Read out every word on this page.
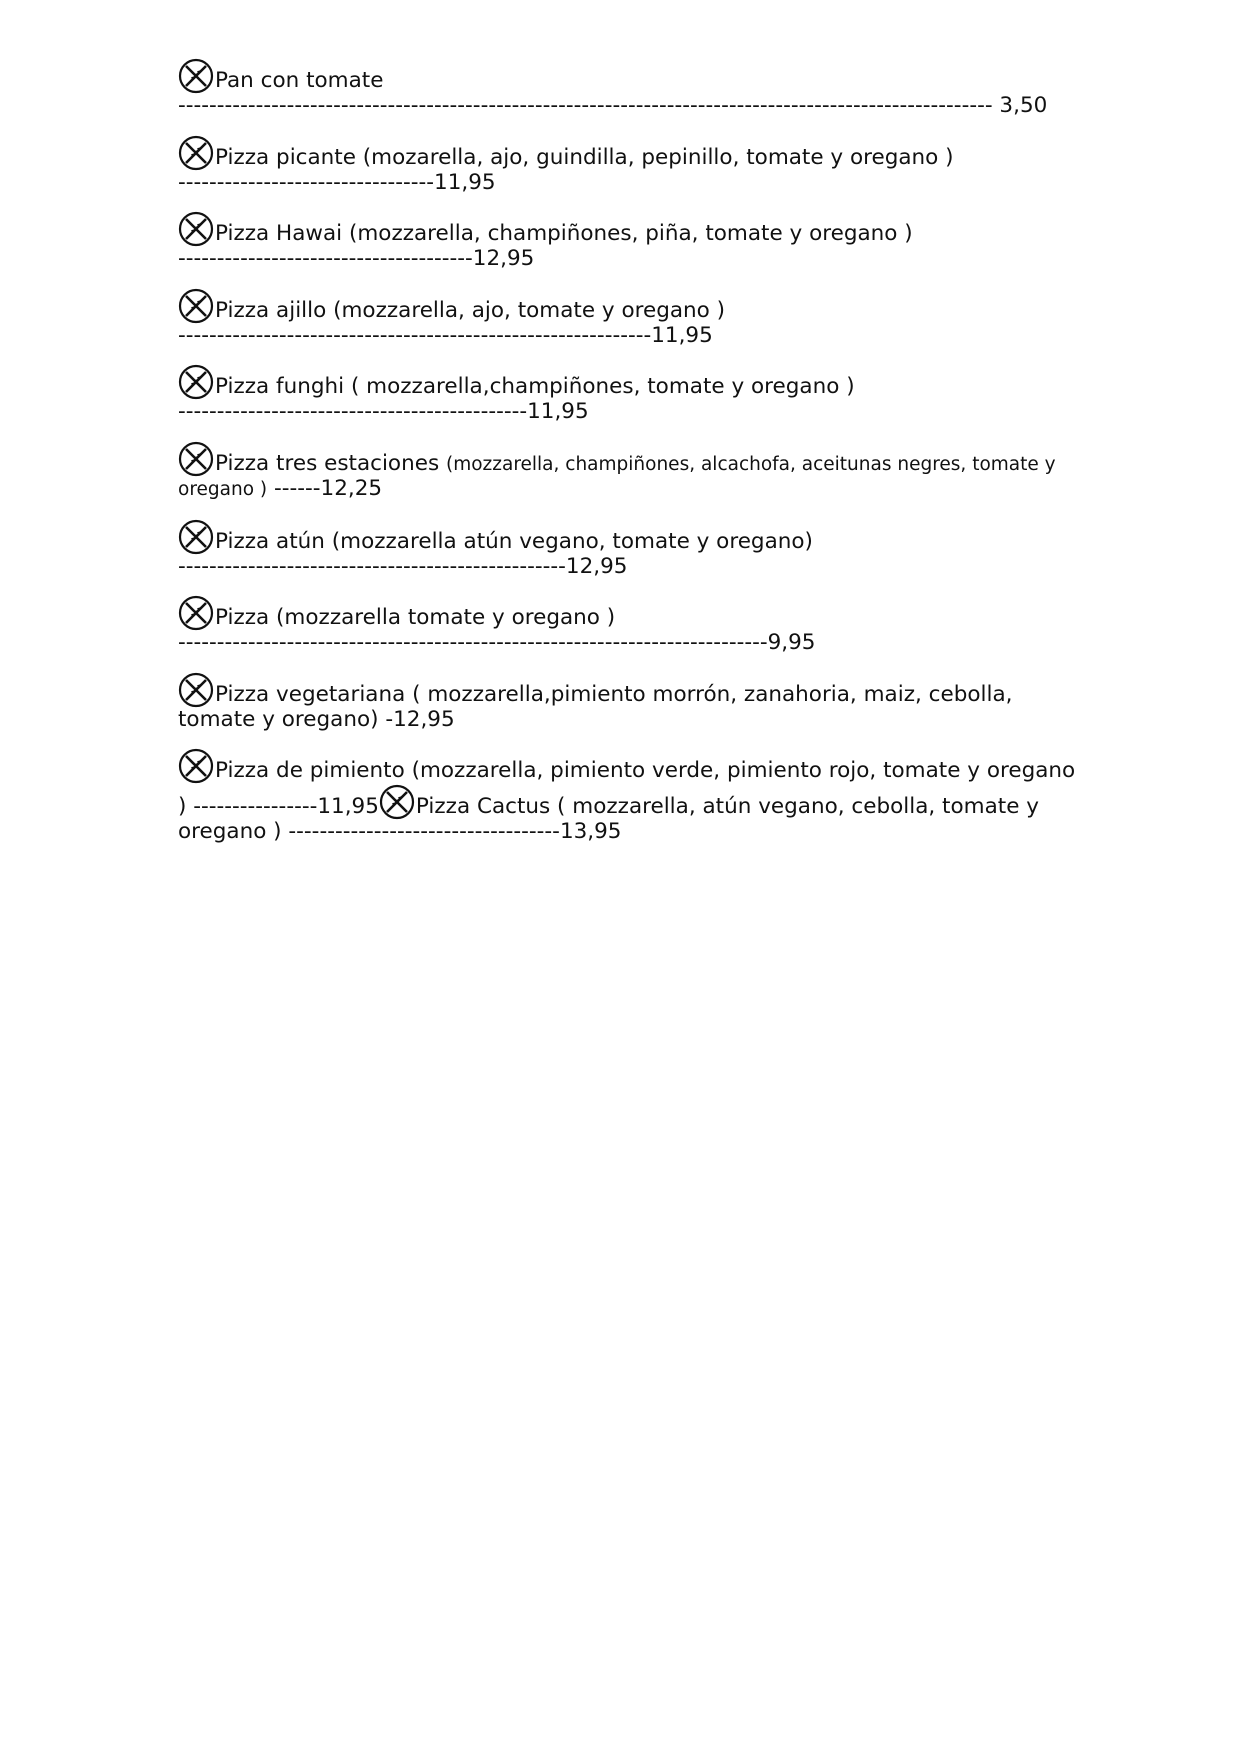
Pan con tomate
--------------------------------------------------------------------------------------------------------- 3,50
Pizza picante (mozarella, ajo, guindilla, pepinillo, tomate y oregano )
---------------------------------11,95
Pizza Hawai (mozzarella, champiñones, piña, tomate y oregano )
--------------------------------------12,95
Pizza ajillo (mozzarella, ajo, tomate y oregano )
-------------------------------------------------------------11,95
Pizza funghi ( mozzarella,champiñones, tomate y oregano )
---------------------------------------------11,95
Pizza tres estaciones (mozzarella, champiñones, alcachofa, aceitunas negres, tomate y oregano ) ------12,25
Pizza atún (mozzarella atún vegano, tomate y oregano)
--------------------------------------------------12,95
Pizza (mozzarella tomate y oregano )
----------------------------------------------------------------------------9,95
Pizza vegetariana ( mozzarella,pimiento morrón, zanahoria, maiz, cebolla, tomate y oregano) -12,95
Pizza de pimiento (mozzarella, pimiento verde, pimiento rojo, tomate y oregano ) ----------------11,95 Pizza Cactus ( mozzarella, atún vegano, cebolla, tomate y oregano ) -----------------------------------13,95
